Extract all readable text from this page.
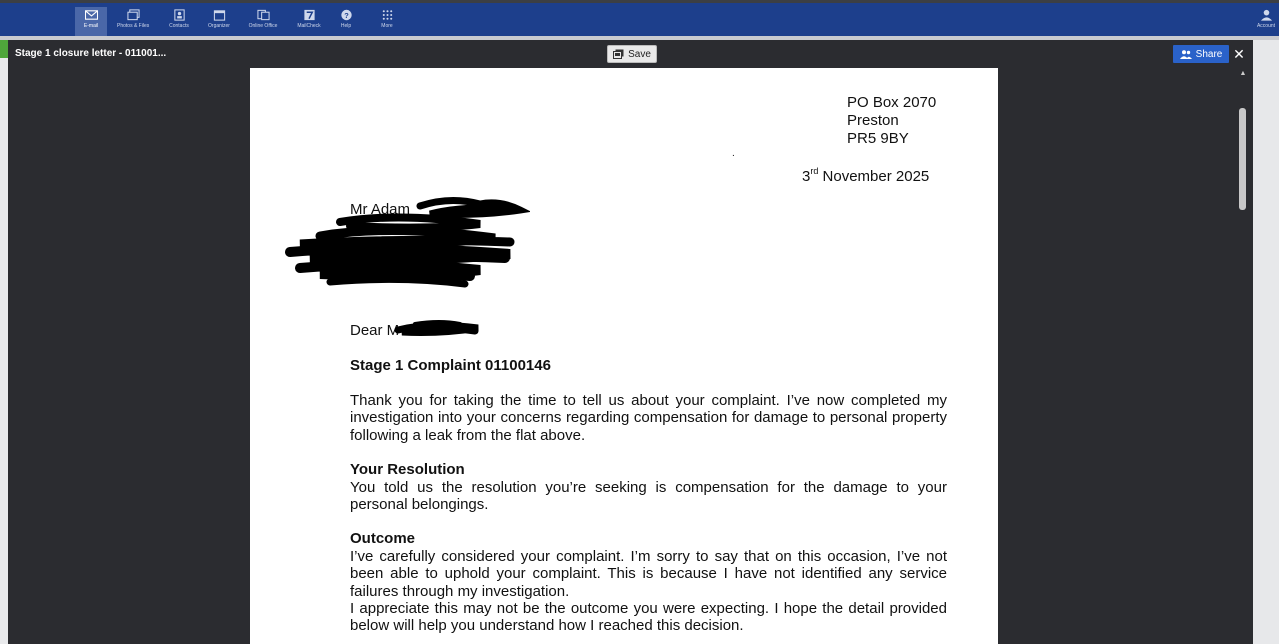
E-mail	Photos & Files	Contacts	Organizer	Online Office	MailCheck
?
Help	More	Account
Stage 1 closure letter - 011001...	Save	Share ✕
PO Box 2070
Preston
PR5 9BY
.
3rd November 2025
Mr Adam
Dear M
Stage 1 Complaint 01100146
Thank you for taking the time to tell us about your complaint. I’ve now completed my investigation into your concerns regarding compensation for damage to personal property following a leak from the flat above.
Your Resolution
You told us the resolution you’re seeking is compensation for the damage to your personal belongings.
Outcome
I’ve carefully considered your complaint. I’m sorry to say that on this occasion, I’ve not been able to uphold your complaint. This is because I have not identified any service failures through my investigation.
I appreciate this may not be the outcome you were expecting. I hope the detail provided below will help you understand how I reached this decision.
▲
